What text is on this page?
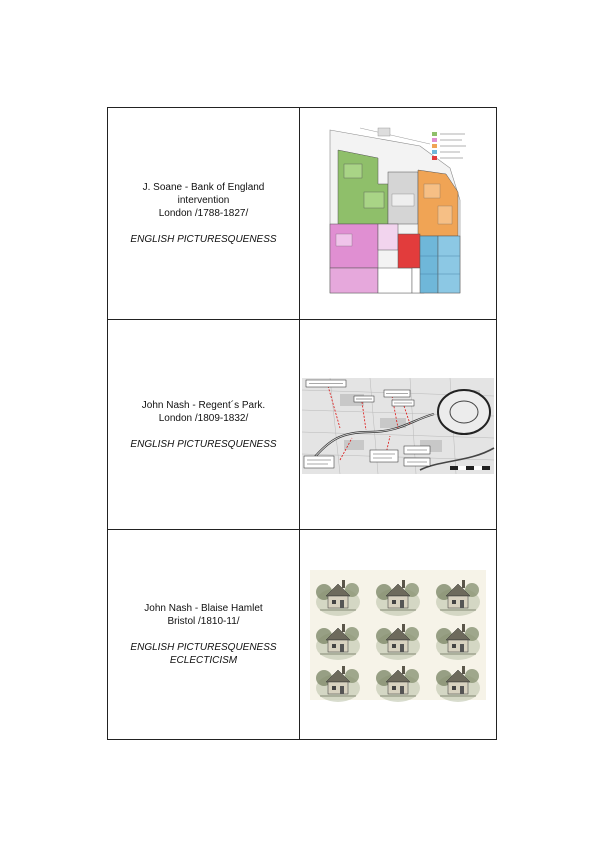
J. Soane - Bank of England
intervention
London /1788-1827/
ENGLISH PICTURESQUENESS

John Nash - Regent´s Park.
London /1809-1832/
ENGLISH PICTURESQUENESS

John Nash - Blaise Hamlet
Bristol /1810-11/
ENGLISH PICTURESQUENESS
ECLECTICISM
